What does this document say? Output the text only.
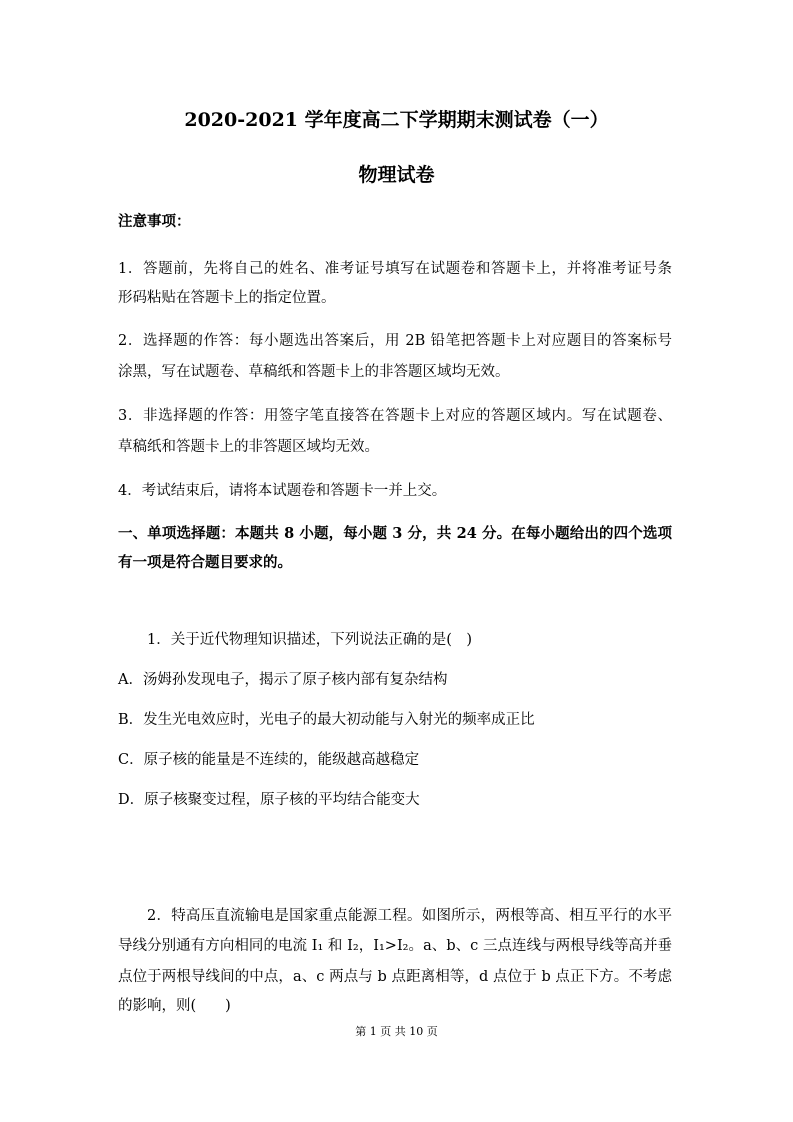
2020-2021 学年度高二下学期期末测试卷（一）
物理试卷
注意事项：
1．答题前，先将自己的姓名、准考证号填写在试题卷和答题卡上，并将准考证号条
形码粘贴在答题卡上的指定位置。
2．选择题的作答：每小题选出答案后，用 2B 铅笔把答题卡上对应题目的答案标号
涂黑，写在试题卷、草稿纸和答题卡上的非答题区域均无效。
3．非选择题的作答：用签字笔直接答在答题卡上对应的答题区域内。写在试题卷、
草稿纸和答题卡上的非答题区域均无效。
4．考试结束后，请将本试题卷和答题卡一并上交。
一、单项选择题：本题共 8 小题，每小题 3 分，共 24 分。在每小题给出的四个选项
有一项是符合题目要求的。
1．关于近代物理知识描述，下列说法正确的是(　)
A．汤姆孙发现电子，揭示了原子核内部有复杂结构
B．发生光电效应时，光电子的最大初动能与入射光的频率成正比
C．原子核的能量是不连续的，能级越高越稳定
D．原子核聚变过程，原子核的平均结合能变大
2．特高压直流输电是国家重点能源工程。如图所示，两根等高、相互平行的水平
导线分别通有方向相同的电流 I₁ 和 I₂，I₁>I₂。a、b、c 三点连线与两根导线等高并垂
点位于两根导线间的中点，a、c 两点与 b 点距离相等，d 点位于 b 点正下方。不考虑
的影响，则(　　)
第 1 页 共 10 页
